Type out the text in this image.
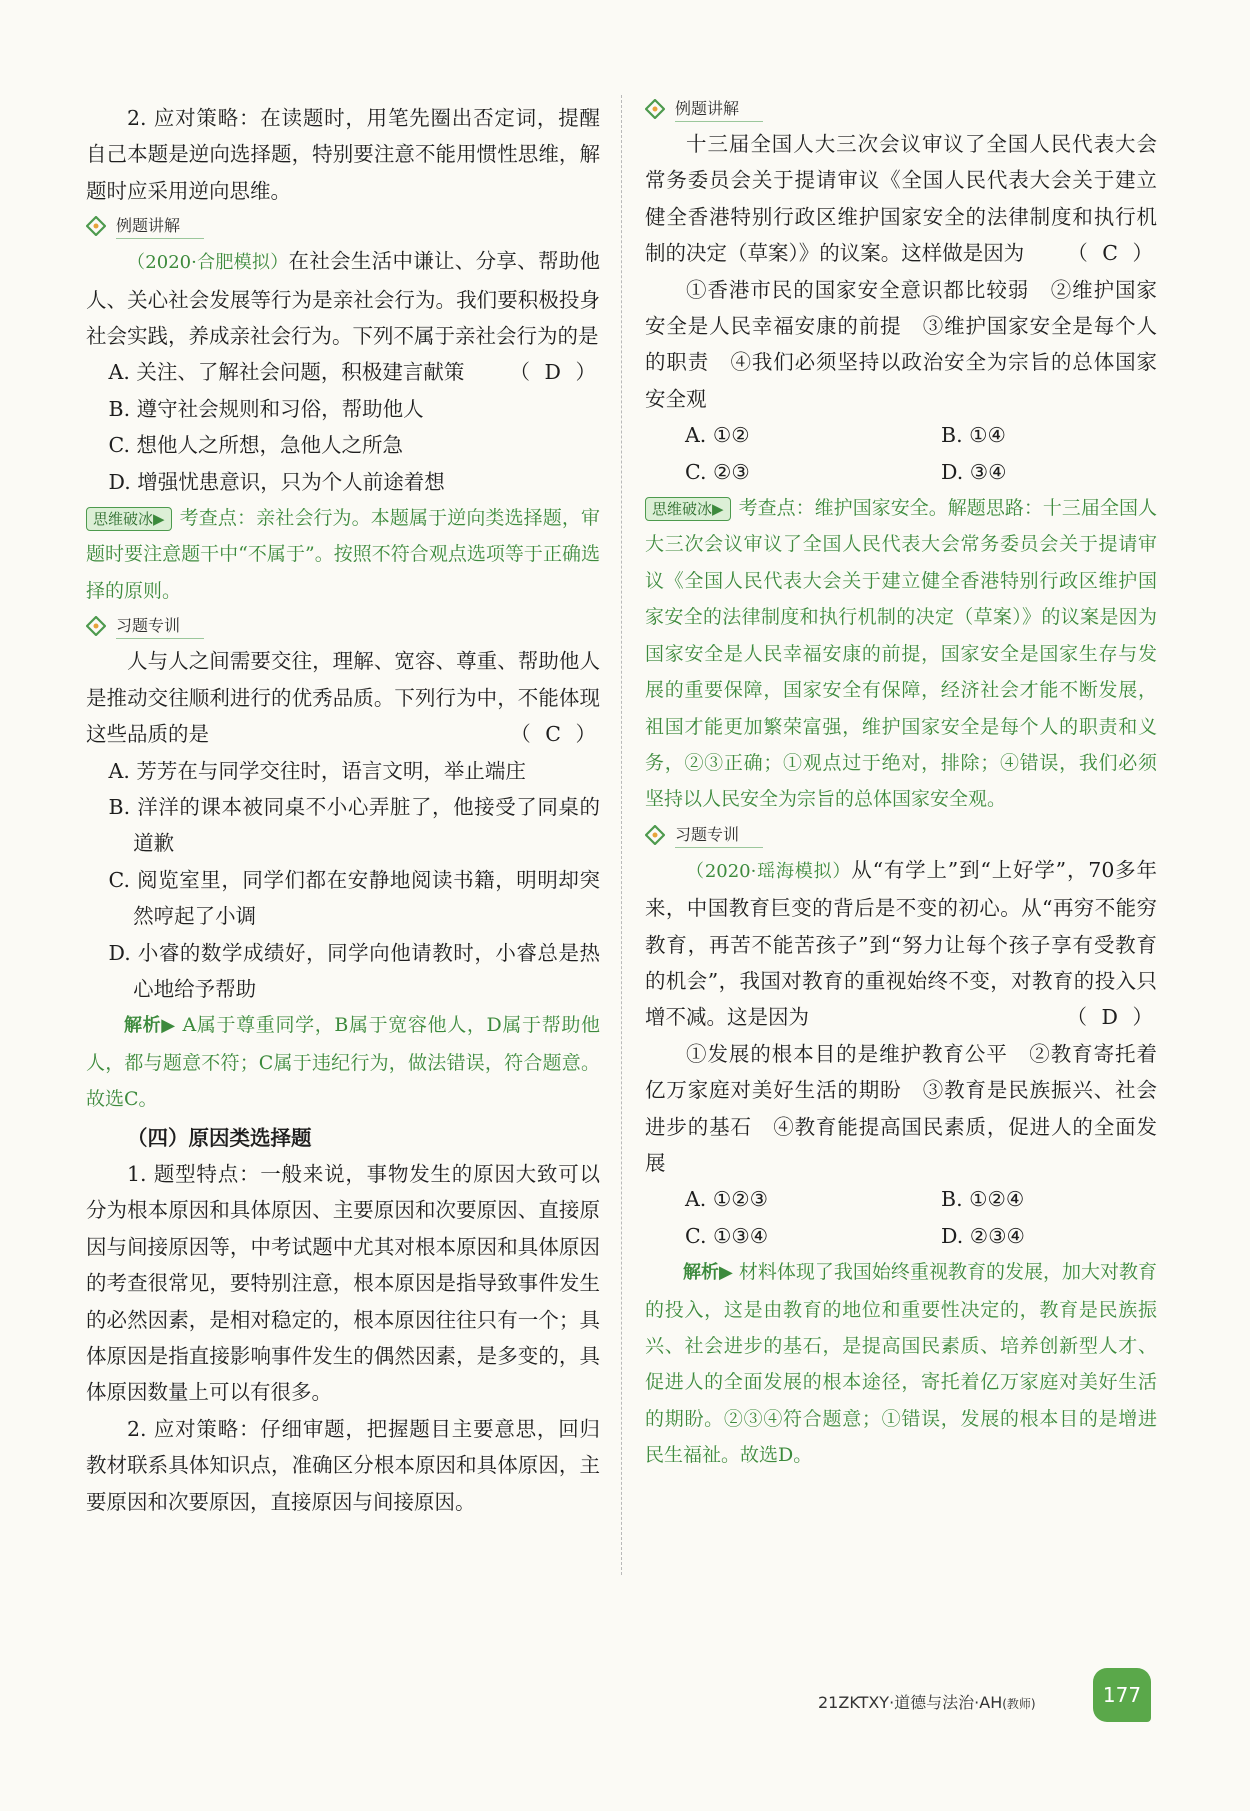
2. 应对策略：在读题时，用笔先圈出否定词，提醒自己本题是逆向选择题，特别要注意不能用惯性思维，解题时应采用逆向思维。

例题讲解

（2020·合肥模拟）在社会生活中谦让、分享、帮助他人、关心社会发展等行为是亲社会行为。我们要积极投身社会实践，养成亲社会行为。下列不属于亲社会行为的是
（ D ）

A. 关注、了解社会问题，积极建言献策

B. 遵守社会规则和习俗，帮助他人

C. 想他人之所想，急他人之所急

D. 增强忧患意识，只为个人前途着想

思维破冰▶ 考查点：亲社会行为。本题属于逆向类选择题，审题时要注意题干中“不属于”。按照不符合观点选项等于正确选择的原则。

习题专训

人与人之间需要交往，理解、宽容、尊重、帮助他人是推动交往顺利进行的优秀品质。下列行为中，不能体现这些品质的是	（ C ）

A. 芳芳在与同学交往时，语言文明，举止端庄

B. 洋洋的课本被同桌不小心弄脏了，他接受了同桌的道歉

C. 阅览室里，同学们都在安静地阅读书籍，明明却突然哼起了小调

D. 小睿的数学成绩好，同学向他请教时，小睿总是热心地给予帮助

解析▶ A属于尊重同学，B属于宽容他人，D属于帮助他人，都与题意不符；C属于违纪行为，做法错误，符合题意。故选C。

（四）原因类选择题

1. 题型特点：一般来说，事物发生的原因大致可以分为根本原因和具体原因、主要原因和次要原因、直接原因与间接原因等，中考试题中尤其对根本原因和具体原因的考查很常见，要特别注意，根本原因是指导致事件发生的必然因素，是相对稳定的，根本原因往往只有一个；具体原因是指直接影响事件发生的偶然因素，是多变的，具体原因数量上可以有很多。

2. 应对策略：仔细审题，把握题目主要意思，回归教材联系具体知识点，准确区分根本原因和具体原因，主要原因和次要原因，直接原因与间接原因。

例题讲解

十三届全国人大三次会议审议了全国人民代表大会常务委员会关于提请审议《全国人民代表大会关于建立健全香港特别行政区维护国家安全的法律制度和执行机制的决定（草案）》的议案。这样做是因为	（ C ）

①香港市民的国家安全意识都比较弱　②维护国家安全是人民幸福安康的前提　③维护国家安全是每个人的职责　④我们必须坚持以政治安全为宗旨的总体国家安全观

A. ①②	B. ①④
C. ②③	D. ③④

思维破冰▶ 考查点：维护国家安全。解题思路：十三届全国人大三次会议审议了全国人民代表大会常务委员会关于提请审议《全国人民代表大会关于建立健全香港特别行政区维护国家安全的法律制度和执行机制的决定（草案）》的议案是因为国家安全是人民幸福安康的前提，国家安全是国家生存与发展的重要保障，国家安全有保障，经济社会才能不断发展，祖国才能更加繁荣富强，维护国家安全是每个人的职责和义务，②③正确；①观点过于绝对，排除；④错误，我们必须坚持以人民安全为宗旨的总体国家安全观。

习题专训

（2020·瑶海模拟）从“有学上”到“上好学”，70多年来，中国教育巨变的背后是不变的初心。从“再穷不能穷教育，再苦不能苦孩子”到“努力让每个孩子享有受教育的机会”，我国对教育的重视始终不变，对教育的投入只增不减。这是因为	（ D ）

①发展的根本目的是维护教育公平　②教育寄托着亿万家庭对美好生活的期盼　③教育是民族振兴、社会进步的基石　④教育能提高国民素质，促进人的全面发展

A. ①②③	B. ①②④
C. ①③④	D. ②③④

解析▶ 材料体现了我国始终重视教育的发展，加大对教育的投入，这是由教育的地位和重要性决定的，教育是民族振兴、社会进步的基石，是提高国民素质、培养创新型人才、促进人的全面发展的根本途径，寄托着亿万家庭对美好生活的期盼。②③④符合题意；①错误，发展的根本目的是增进民生福祉。故选D。

21ZKTXY·道德与法治·AH(教师)	177
